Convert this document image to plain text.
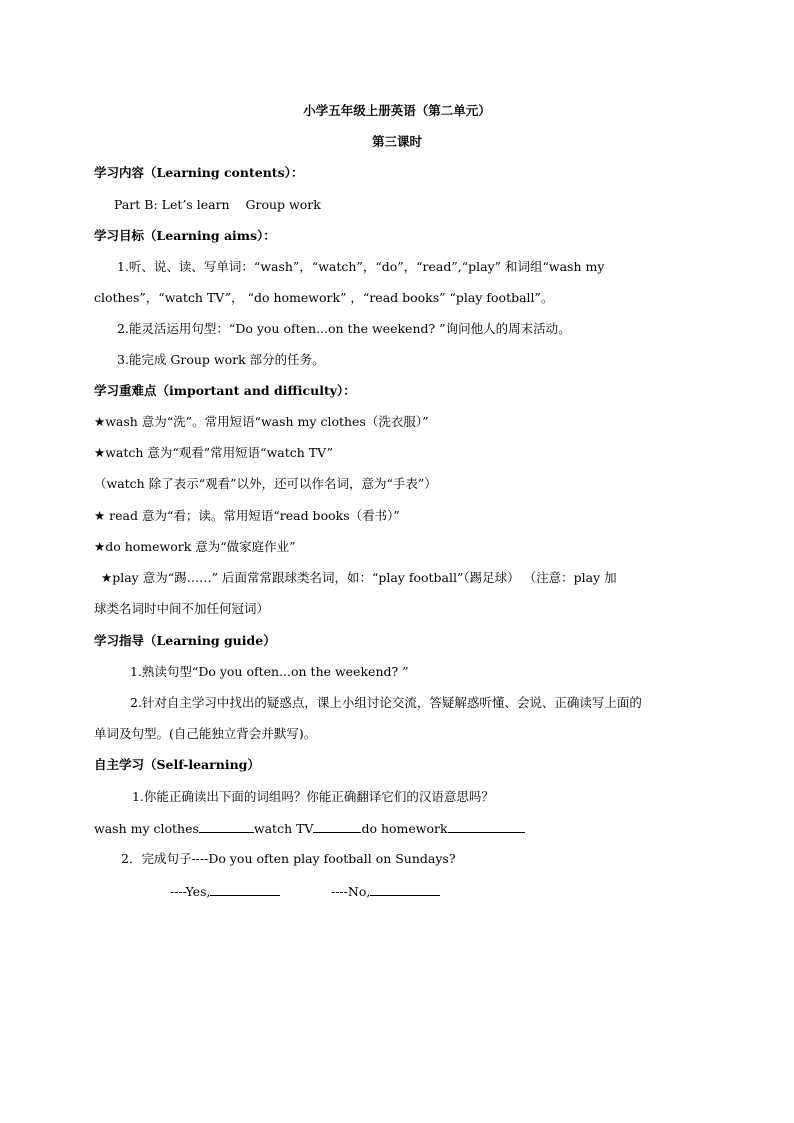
小学五年级上册英语（第二单元）
第三课时
学习内容（Learning contents）：
Part B: Let’s learn    Group work
学习目标（Learning aims）：
1.听、说、读、写单词：“wash”，“watch”，“do”，“read”,“play” 和词组“wash my
clothes”，“watch TV”， “do homework” ，“read books” “play football”。
2.能灵活运用句型：“Do you often...on the weekend? ”询问他人的周末活动。
3.能完成 Group work 部分的任务。
学习重难点（important and difficulty）：
★wash 意为“洗”。常用短语“wash my clothes（洗衣服）”
★watch 意为“观看”常用短语“watch TV”
（watch 除了表示“观看”以外，还可以作名词，意为“手表”）
★ read 意为“看；读。常用短语“read books（看书）”
★do homework 意为“做家庭作业”
★play 意为“踢……” 后面常常跟球类名词，如：“play football”（踢足球） （注意：play 加
球类名词时中间不加任何冠词）
学习指导（Learning guide）
1.熟读句型“Do you often...on the weekend? ”
2.针对自主学习中找出的疑惑点，课上小组讨论交流，答疑解惑听懂、会说、正确读写上面的
单词及句型。(自己能独立背会并默写)。
自主学习（Self-learning）
1.你能正确读出下面的词组吗？你能正确翻译它们的汉语意思吗？
wash my clothes	watch TV	do homework
2．完成句子----Do you often play football on Sundays?
----Yes,	----No,
